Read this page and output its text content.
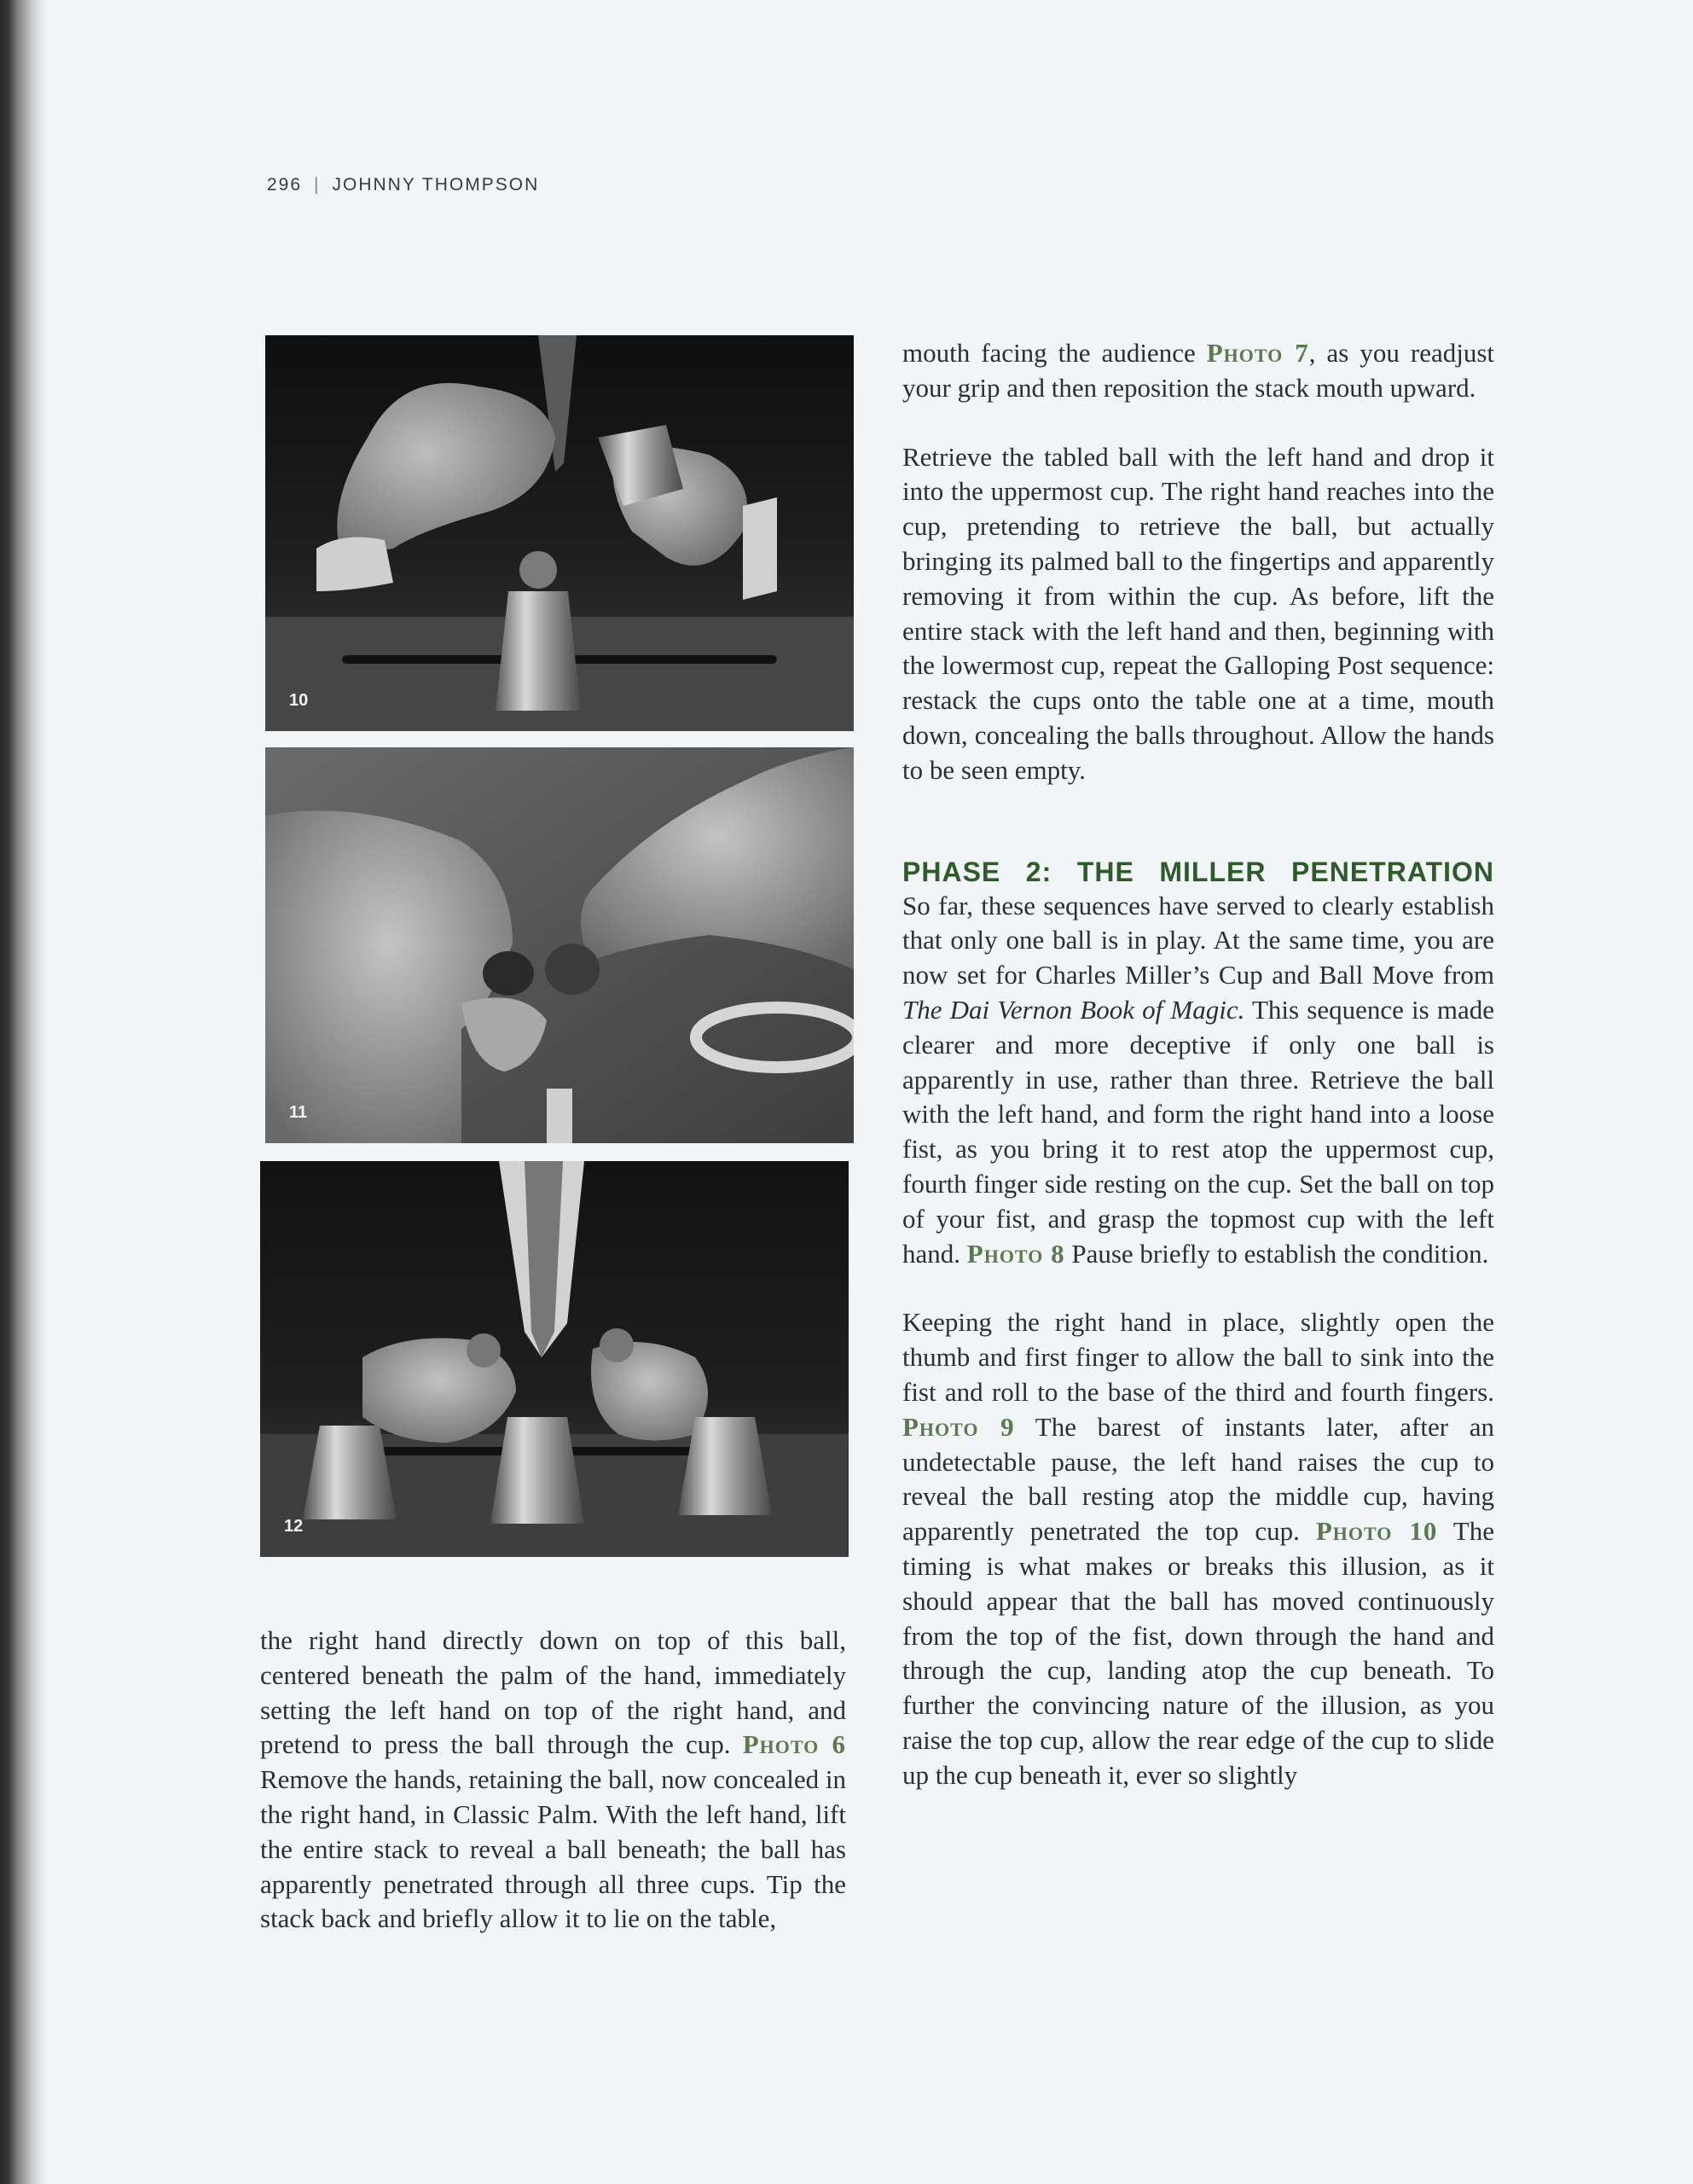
296 | JOHNNY THOMPSON
10
11
12

the right hand directly down on top of this ball, centered beneath the palm of the hand, immediately setting the left hand on top of the right hand, and pretend to press the ball through the cup. Photo 6 Remove the hands, retaining the ball, now concealed in the right hand, in Classic Palm. With the left hand, lift the entire stack to reveal a ball beneath; the ball has apparently penetrated through all three cups. Tip the stack back and briefly allow it to lie on the table,

mouth facing the audience Photo 7, as you readjust your grip and then reposition the stack mouth upward.

Retrieve the tabled ball with the left hand and drop it into the uppermost cup. The right hand reaches into the cup, pretending to retrieve the ball, but actually bringing its palmed ball to the fingertips and apparently removing it from within the cup. As before, lift the entire stack with the left hand and then, beginning with the lowermost cup, repeat the Galloping Post sequence: restack the cups onto the table one at a time, mouth down, concealing the balls throughout. Allow the hands to be seen empty.

PHASE 2: THE MILLER PENETRATION

So far, these sequences have served to clearly establish that only one ball is in play. At the same time, you are now set for Charles Miller’s Cup and Ball Move from The Dai Vernon Book of Magic. This sequence is made clearer and more deceptive if only one ball is apparently in use, rather than three. Retrieve the ball with the left hand, and form the right hand into a loose fist, as you bring it to rest atop the uppermost cup, fourth finger side resting on the cup. Set the ball on top of your fist, and grasp the topmost cup with the left hand. Photo 8 Pause briefly to establish the condition.

Keeping the right hand in place, slightly open the thumb and first finger to allow the ball to sink into the fist and roll to the base of the third and fourth fingers. Photo 9 The barest of instants later, after an undetectable pause, the left hand raises the cup to reveal the ball resting atop the middle cup, having apparently penetrated the top cup. Photo 10 The timing is what makes or breaks this illusion, as it should appear that the ball has moved continuously from the top of the fist, down through the hand and through the cup, landing atop the cup beneath. To further the convincing nature of the illusion, as you raise the top cup, allow the rear edge of the cup to slide up the cup beneath it, ever so slightly
